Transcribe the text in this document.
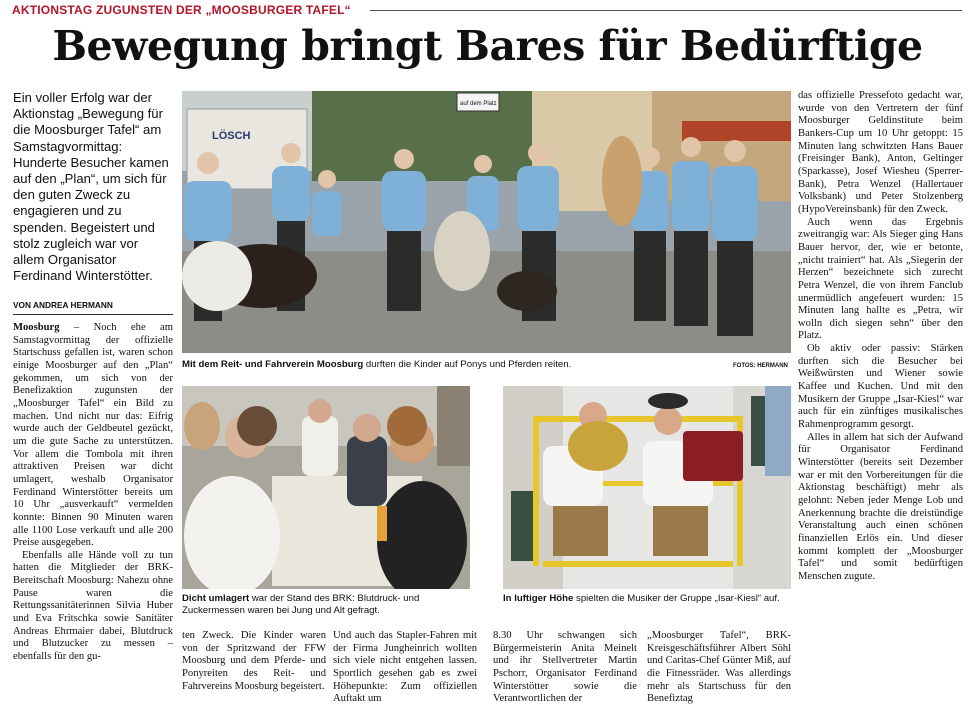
AKTIONSTAG ZUGUNSTEN DER „MOOSBURGER TAFEL“
Bewegung bringt Bares für Bedürftige
Ein voller Erfolg war der Aktionstag „Bewegung für die Moosburger Tafel“ am Samstagvormittag: Hunderte Besucher kamen auf den „Plan“, um sich für den guten Zweck zu engagieren und zu spenden. Begeistert und stolz zugleich war vor allem Organisator Ferdinand Winterstötter.
VON ANDREA HERMANN

Moosburg – Noch ehe am Samstagvormittag der offizielle Startschuss gefallen ist, waren schon einige Moosburger auf den „Plan“ gekommen, um sich von der Benefizaktion zugunsten der „Moosburger Tafel“ ein Bild zu machen. Und nicht nur das: Eifrig wurde auch der Geldbeutel gezückt, um die gute Sache zu unterstützen. Vor allem die Tombola mit ihren attraktiven Preisen war dicht umlagert, weshalb Organisator Ferdinand Winterstötter bereits um 10 Uhr „ausverkauft“ vermelden konnte: Binnen 90 Minuten waren alle 1100 Lose verkauft und alle 200 Preise ausgegeben.

Ebenfalls alle Hände voll zu tun hatten die Mitglieder der BRK-Bereitschaft Moosburg: Nahezu ohne Pause waren die Rettungssanitäterinnen Silvia Huber und Eva Fritschka sowie Sanitäter Andreas Ehrmaier dabei, Blutdruck und Blutzucker zu messen – ebenfalls für den gu-

LÖSCH
auf dem Platz
Mit dem Reit- und Fahrverein Moosburg durften die Kinder auf Ponys und Pferden reiten.	FOTOS: HERMANN

das offizielle Pressefoto gedacht war, wurde von den Vertretern der fünf Moosburger Geldinstitute beim Bankers-Cup um 10 Uhr getoppt: 15 Minuten lang schwitzten Hans Bauer (Freisinger Bank), Anton, Geltinger (Sparkasse), Josef Wiesheu (Sperrer-Bank), Petra Wenzel (Hallertauer Volksbank) und Peter Stolzenberg (HypoVereinsbank) für den Zweck.

Auch wenn das Ergebnis zweitrangig war: Als Sieger ging Hans Bauer hervor, der, wie er betonte, „nicht trainiert“ hat. Als „Siegerin der Herzen“ bezeichnete sich zurecht Petra Wenzel, die von ihrem Fanclub unermüdlich angefeuert wurden: 15 Minuten lang hallte es „Petra, wir wolln dich siegen sehn“ über den Platz.

Ob aktiv oder passiv: Stärken durften sich die Besucher bei Weißwürsten und Wiener sowie Kaffee und Kuchen. Und mit den Musikern der Gruppe „Isar-Kiesl“ war auch für ein zünftiges musikalisches Rahmenprogramm gesorgt.

Alles in allem hat sich der Aufwand für Organisator Ferdinand Winterstötter (bereits seit Dezember war er mit den Vorbereitungen für die Aktionstag beschäftigt) mehr als gelohnt: Neben jeder Menge Lob und Anerkennung brachte die dreistündige Veranstaltung auch einen schönen finanziellen Erlös ein. Und dieser kommt komplett der „Moosburger Tafel“ und somit bedürftigen Menschen zugute.

Dicht umlagert war der Stand des BRK: Blutdruck- und Zuckermessen waren bei Jung und Alt gefragt.
In luftiger Höhe spielten die Musiker der Gruppe „Isar-Kiesl“ auf.

ten Zweck. Die Kinder waren von der Spritzwand der FFW Moosburg und dem Pferde- und Ponyreiten des Reit- und Fahrvereins Moosburg begeistert.

Und auch das Stapler-Fahren mit der Firma Jungheinrich wollten sich viele nicht entgehen lassen. Sportlich gesehen gab es zwei Höhepunkte: Zum offiziellen Auftakt um

8.30 Uhr schwangen sich Bürgermeisterin Anita Meinelt und ihr Stellvertreter Martin Pschorr, Organisator Ferdinand Winterstötter sowie die Verantwortlichen der

„Moosburger Tafel“, BRK-Kreisgeschäftsführer Albert Söhl und Caritas-Chef Günter Miß, auf die Fitnessräder. Was allerdings mehr als Startschuss für den Benefiztag
